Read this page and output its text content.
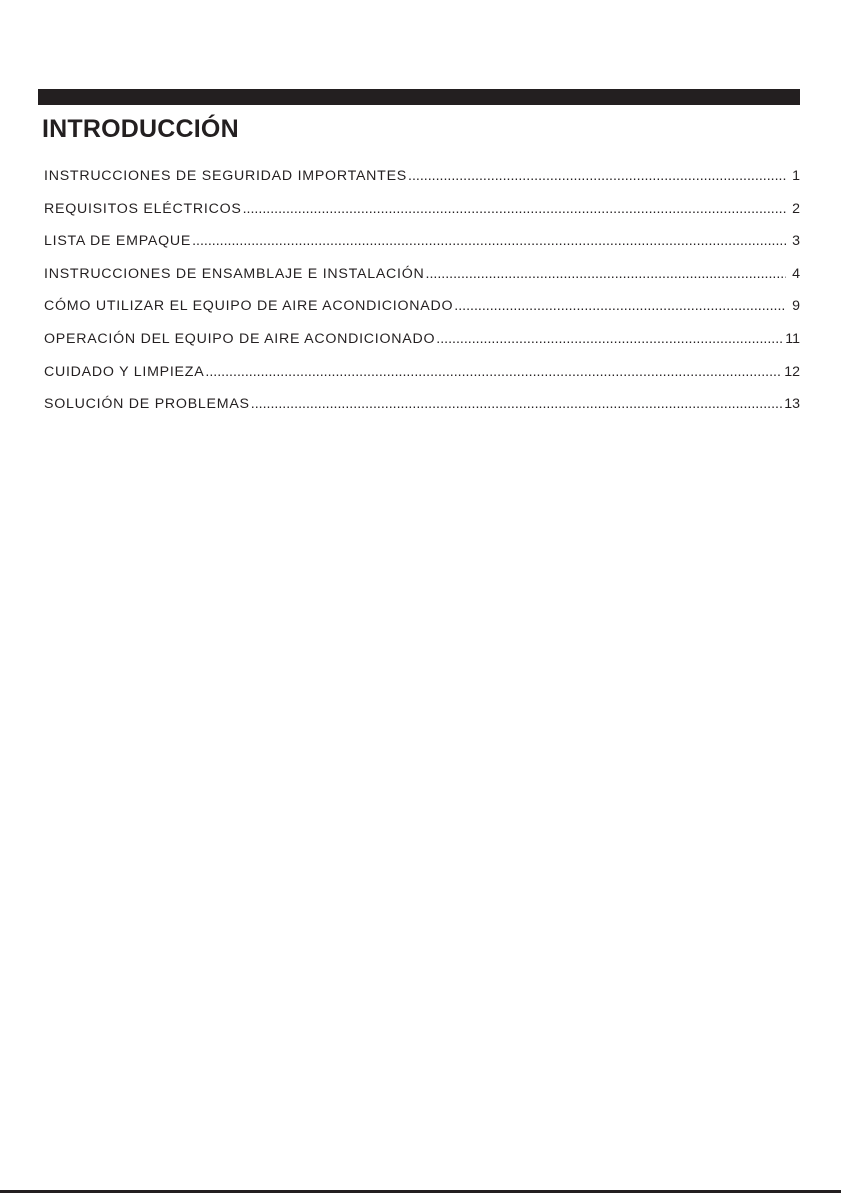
INTRODUCCIÓN
INSTRUCCIONES DE SEGURIDAD IMPORTANTES .....	1
REQUISITOS ELÉCTRICOS .....	2
LISTA DE EMPAQUE .....	3
INSTRUCCIONES DE ENSAMBLAJE E INSTALACIÓN .....	4
CÓMO UTILIZAR EL EQUIPO DE AIRE ACONDICIONADO .....	9
OPERACIÓN DEL EQUIPO DE AIRE ACONDICIONADO .....	11
CUIDADO Y LIMPIEZA .....	12
SOLUCIÓN DE PROBLEMAS .....	13
